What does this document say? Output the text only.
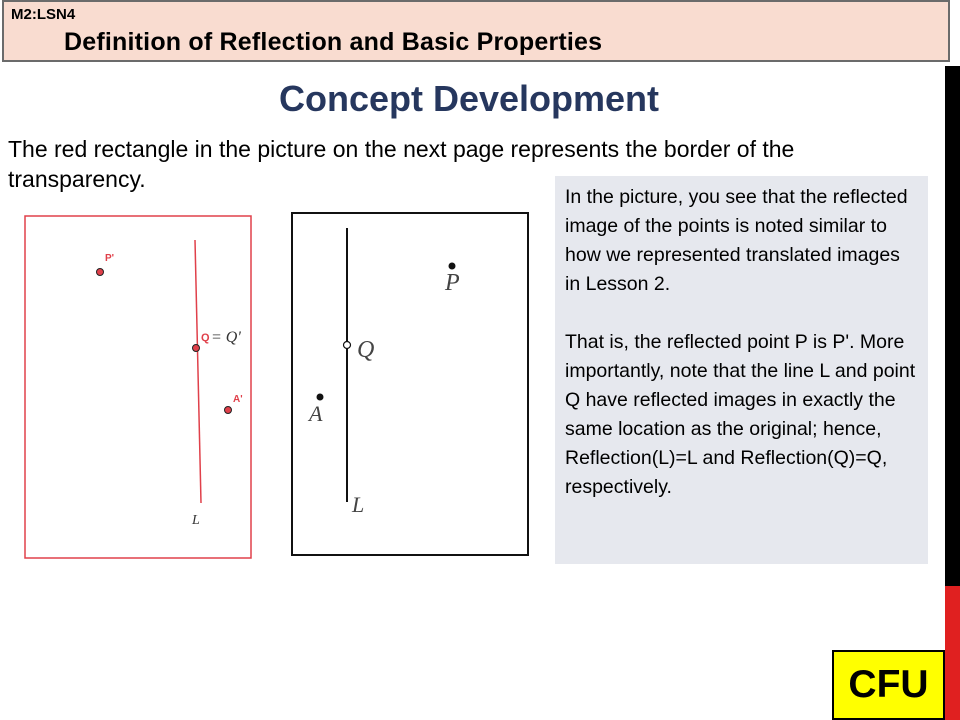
M2:LSN4
Definition of Reflection and Basic Properties
Concept Development
The red rectangle in the picture on the next page represents the border of the transparency.
P'
Q = Q'
A'
L
Q
P
A
L

In the picture, you see that the reflected image of the points is noted similar to how we represented translated images in Lesson 2.

That is, the reflected point P is P'. More importantly, note that the line L and point Q have reflected images in exactly the same location as the original; hence, Reflection(L)=L and Reflection(Q)=Q, respectively.

CFU
